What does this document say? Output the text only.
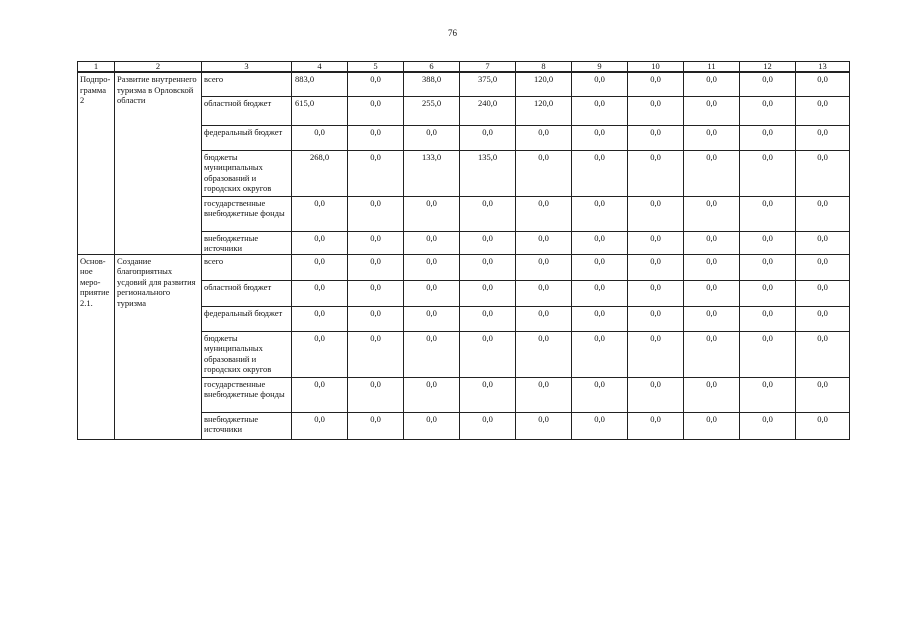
76
1	2	3	4	5	6	7	8	9	10	11	12	13
Подпро-грамма 2	Развитие внутреннего туризма в Орловской области	всего	883,0	0,0	388,0	375,0	120,0	0,0	0,0	0,0	0,0	0,0
		областной бюджет	615,0	0,0	255,0	240,0	120,0	0,0	0,0	0,0	0,0	0,0
		федеральный бюджет	0,0	0,0	0,0	0,0	0,0	0,0	0,0	0,0	0,0	0,0
		бюджеты муниципальных образований и городских округов	268,0	0,0	133,0	135,0	0,0	0,0	0,0	0,0	0,0	0,0
		государственные внебюджетные фонды	0,0	0,0	0,0	0,0	0,0	0,0	0,0	0,0	0,0	0,0
		внебюджетные источники	0,0	0,0	0,0	0,0	0,0	0,0	0,0	0,0	0,0	0,0
Основ-ное меро-приятие 2.1.	Создание благоприятных усдовий для развития регионального туризма	всего	0,0	0,0	0,0	0,0	0,0	0,0	0,0	0,0	0,0	0,0
		областной бюджет	0,0	0,0	0,0	0,0	0,0	0,0	0,0	0,0	0,0	0,0
		федеральный бюджет	0,0	0,0	0,0	0,0	0,0	0,0	0,0	0,0	0,0	0,0
		бюджеты муниципальных образований и городских округов	0,0	0,0	0,0	0,0	0,0	0,0	0,0	0,0	0,0	0,0
		государственные внебюджетные фонды	0,0	0,0	0,0	0,0	0,0	0,0	0,0	0,0	0,0	0,0
		внебюджетные источники	0,0	0,0	0,0	0,0	0,0	0,0	0,0	0,0	0,0	0,0
